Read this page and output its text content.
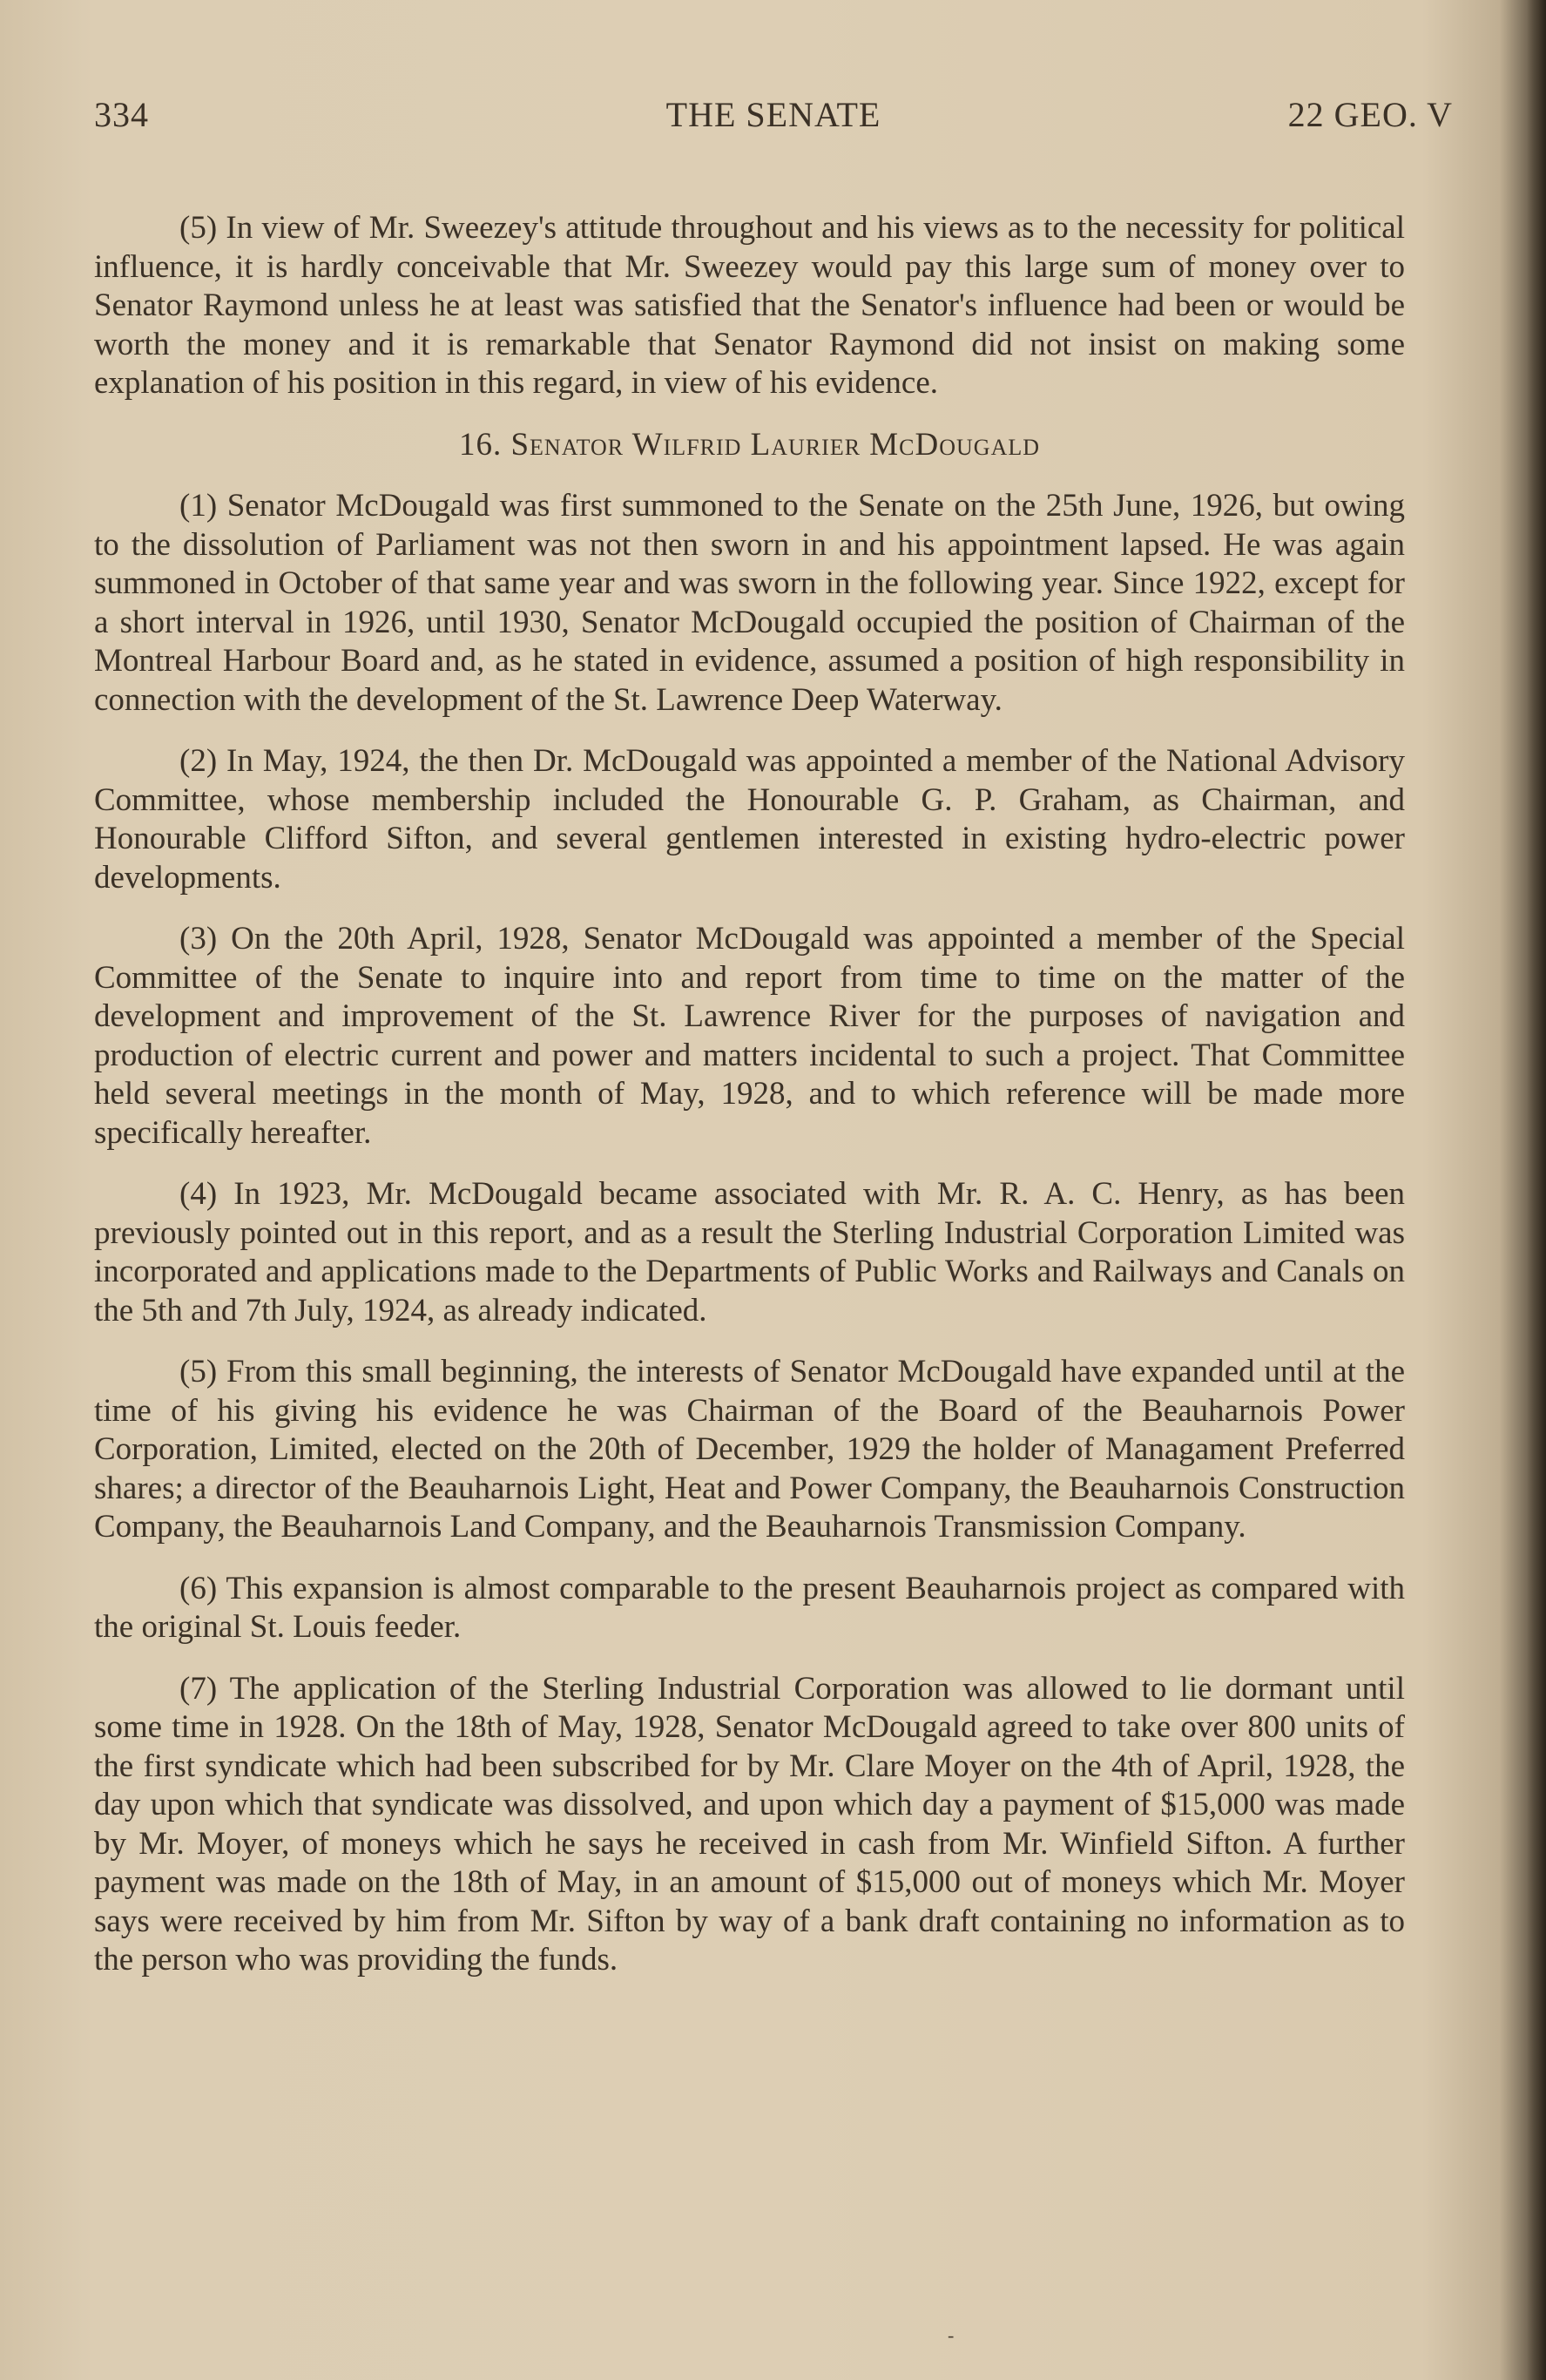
THE SENATE
334	22 GEO. V

(5) In view of Mr. Sweezey's attitude throughout and his views as to the necessity for political influence, it is hardly conceivable that Mr. Sweezey would pay this large sum of money over to Senator Raymond unless he at least was satisfied that the Senator's influence had been or would be worth the money and it is remarkable that Senator Raymond did not insist on making some explanation of his position in this regard, in view of his evidence.

16. Senator Wilfrid Laurier McDougald

(1) Senator McDougald was first summoned to the Senate on the 25th June, 1926, but owing to the dissolution of Parliament was not then sworn in and his appointment lapsed. He was again summoned in October of that same year and was sworn in the following year. Since 1922, except for a short interval in 1926, until 1930, Senator McDougald occupied the position of Chairman of the Montreal Harbour Board and, as he stated in evidence, assumed a position of high responsibility in connection with the development of the St. Lawrence Deep Waterway.

(2) In May, 1924, the then Dr. McDougald was appointed a member of the National Advisory Committee, whose membership included the Honourable G. P. Graham, as Chairman, and Honourable Clifford Sifton, and several gentlemen interested in existing hydro-electric power developments.

(3) On the 20th April, 1928, Senator McDougald was appointed a member of the Special Committee of the Senate to inquire into and report from time to time on the matter of the development and improvement of the St. Lawrence River for the purposes of navigation and production of electric current and power and matters incidental to such a project. That Committee held several meetings in the month of May, 1928, and to which reference will be made more specifically hereafter.

(4) In 1923, Mr. McDougald became associated with Mr. R. A. C. Henry, as has been previously pointed out in this report, and as a result the Sterling Industrial Corporation Limited was incorporated and applications made to the Departments of Public Works and Railways and Canals on the 5th and 7th July, 1924, as already indicated.

(5) From this small beginning, the interests of Senator McDougald have expanded until at the time of his giving his evidence he was Chairman of the Board of the Beauharnois Power Corporation, Limited, elected on the 20th of December, 1929 the holder of Managament Preferred shares; a director of the Beauharnois Light, Heat and Power Company, the Beauharnois Construction Company, the Beauharnois Land Company, and the Beauharnois Transmission Company.

(6) This expansion is almost comparable to the present Beauharnois project as compared with the original St. Louis feeder.

(7) The application of the Sterling Industrial Corporation was allowed to lie dormant until some time in 1928. On the 18th of May, 1928, Senator McDougald agreed to take over 800 units of the first syndicate which had been subscribed for by Mr. Clare Moyer on the 4th of April, 1928, the day upon which that syndicate was dissolved, and upon which day a payment of $15,000 was made by Mr. Moyer, of moneys which he says he received in cash from Mr. Winfield Sifton. A further payment was made on the 18th of May, in an amount of $15,000 out of moneys which Mr. Moyer says were received by him from Mr. Sifton by way of a bank draft containing no information as to the person who was providing the funds.

-
